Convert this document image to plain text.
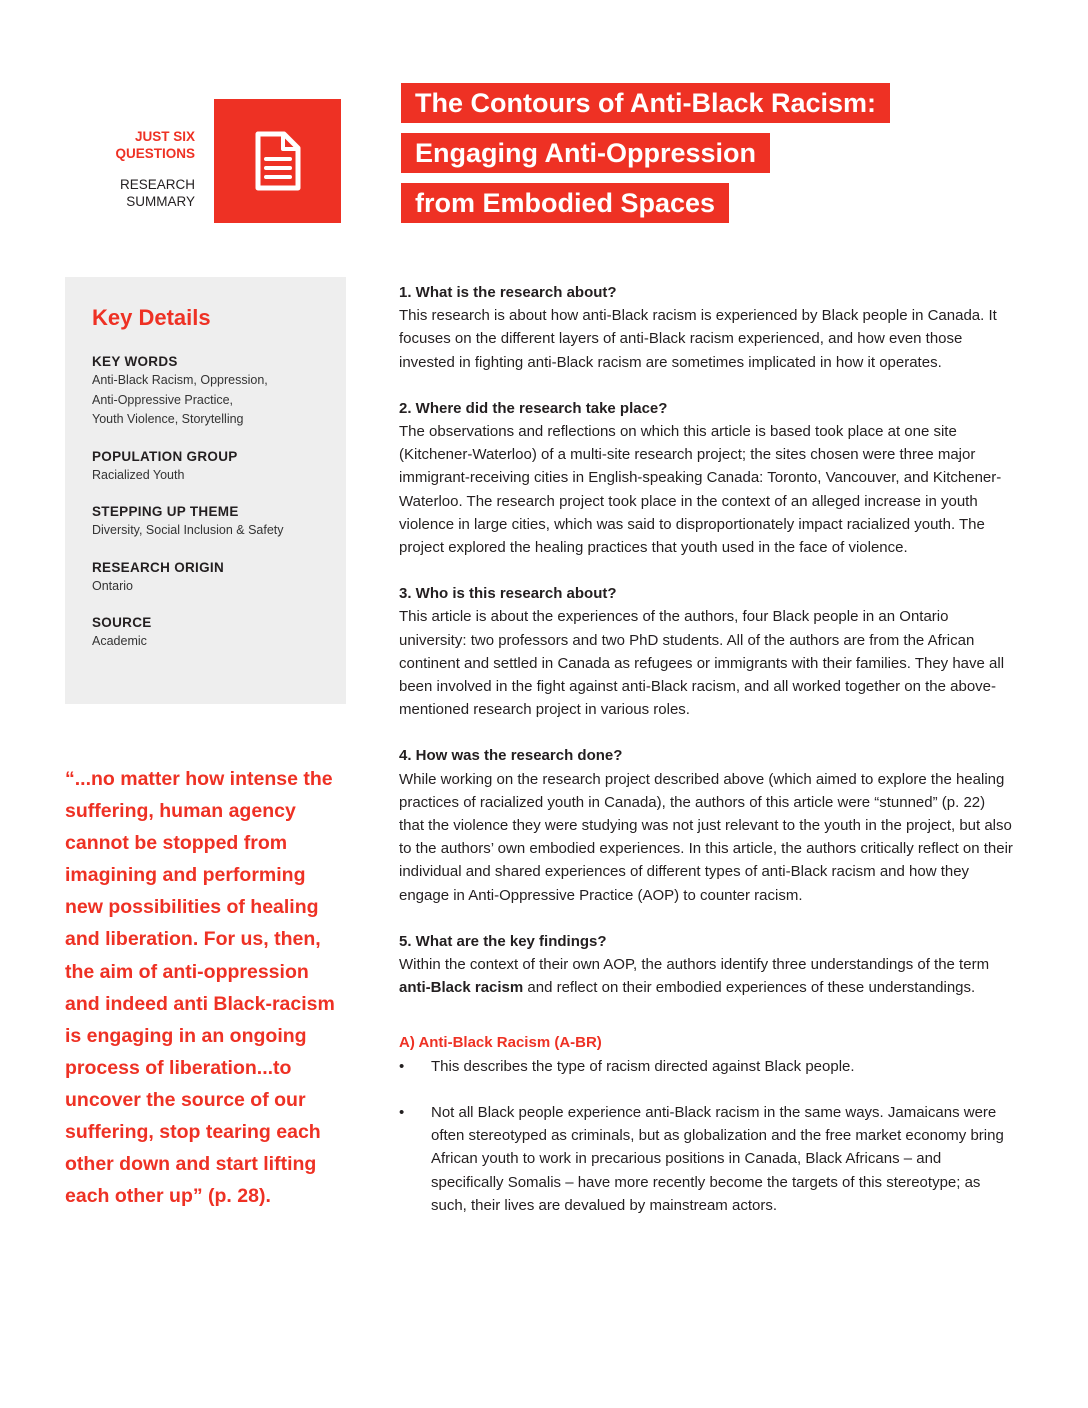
JUST SIX
QUESTIONS
RESEARCH
SUMMARY
The Contours of Anti-Black Racism:
Engaging Anti-Oppression
from Embodied Spaces
Key Details
KEY WORDS
Anti-Black Racism, Oppression,
Anti-Oppressive Practice,
Youth Violence, Storytelling
POPULATION GROUP
Racialized Youth
STEPPING UP THEME
Diversity, Social Inclusion & Safety
RESEARCH ORIGIN
Ontario
SOURCE
Academic
“...no matter how intense the suffering, human agency cannot be stopped from imagining and performing new possibilities of healing and liberation. For us, then, the aim of anti-oppression and indeed anti Black-racism is engaging in an ongoing process of liberation...to uncover the source of our suffering, stop tearing each other down and start lifting each other up” (p. 28).
1. What is the research about?

This research is about how anti-Black racism is experienced by Black people in Canada. It focuses on the different layers of anti-Black racism experienced, and how even those invested in fighting anti-Black racism are sometimes implicated in how it operates.

2. Where did the research take place?

The observations and reflections on which this article is based took place at one site (Kitchener-Waterloo) of a multi-site research project; the sites chosen were three major immigrant-receiving cities in English-speaking Canada: Toronto, Vancouver, and Kitchener-Waterloo. The research project took place in the context of an alleged increase in youth violence in large cities, which was said to disproportionately impact racialized youth. The project explored the healing practices that youth used in the face of violence.

3. Who is this research about?

This article is about the experiences of the authors, four Black people in an Ontario university: two professors and two PhD students. All of the authors are from the African continent and settled in Canada as refugees or immigrants with their families. They have all been involved in the fight against anti-Black racism, and all worked together on the above-mentioned research project in various roles.

4. How was the research done?

While working on the research project described above (which aimed to explore the healing practices of racialized youth in Canada), the authors of this article were “stunned” (p. 22) that the violence they were studying was not just relevant to the youth in the project, but also to the authors’ own embodied experiences. In this article, the authors critically reflect on their individual and shared experiences of different types of anti-Black racism and how they engage in Anti-Oppressive Practice (AOP) to counter racism.

5. What are the key findings?

Within the context of their own AOP, the authors identify three understandings of the term anti-Black racism and reflect on their embodied experiences of these understandings.

A) Anti-Black Racism (A-BR)
• This describes the type of racism directed against Black people.
• Not all Black people experience anti-Black racism in the same ways. Jamaicans were often stereotyped as criminals, but as globalization and the free market economy bring African youth to work in precarious positions in Canada, Black Africans – and specifically Somalis – have more recently become the targets of this stereotype; as such, their lives are devalued by mainstream actors.
